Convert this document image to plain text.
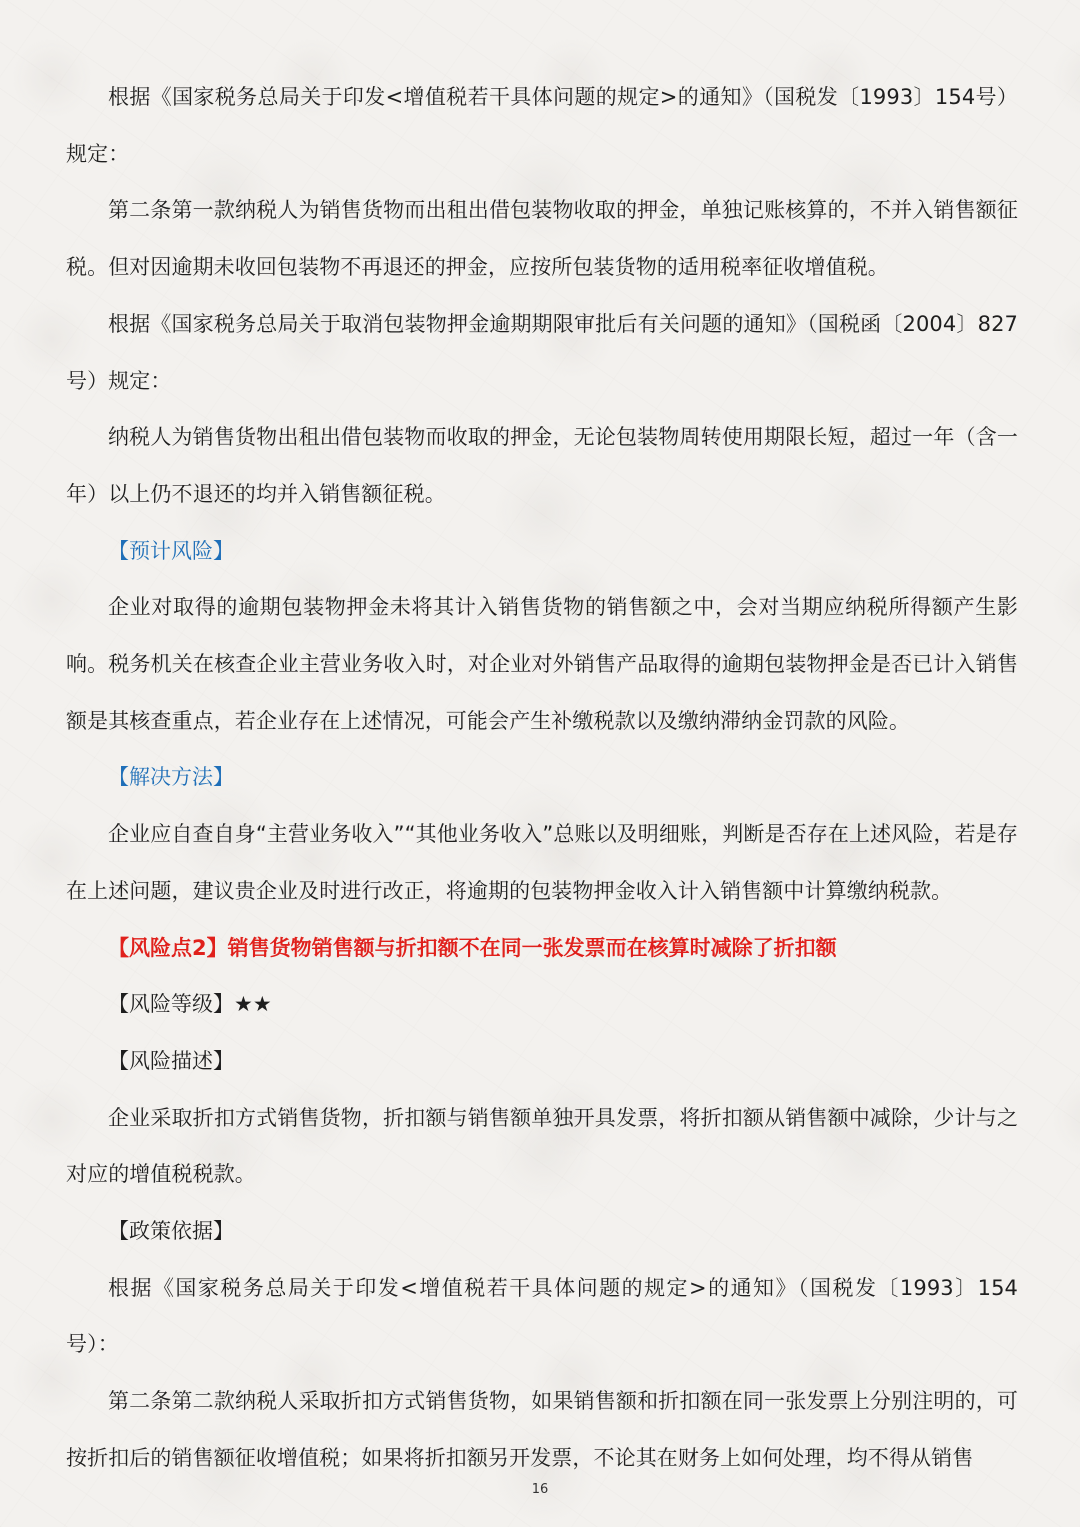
根据《国家税务总局关于印发<增值税若干具体问题的规定>的通知》（国税发〔1993〕154号）规定：

第二条第一款纳税人为销售货物而出租出借包装物收取的押金，单独记账核算的，不并入销售额征税。但对因逾期未收回包装物不再退还的押金，应按所包装货物的适用税率征收增值税。

根据《国家税务总局关于取消包装物押金逾期期限审批后有关问题的通知》（国税函〔2004〕827号）规定：

纳税人为销售货物出租出借包装物而收取的押金，无论包装物周转使用期限长短，超过一年（含一年）以上仍不退还的均并入销售额征税。

【预计风险】

企业对取得的逾期包装物押金未将其计入销售货物的销售额之中，会对当期应纳税所得额产生影响。税务机关在核查企业主营业务收入时，对企业对外销售产品取得的逾期包装物押金是否已计入销售额是其核查重点，若企业存在上述情况，可能会产生补缴税款以及缴纳滞纳金罚款的风险。

【解决方法】

企业应自查自身“主营业务收入”“其他业务收入”总账以及明细账，判断是否存在上述风险，若是存在上述问题，建议贵企业及时进行改正，将逾期的包装物押金收入计入销售额中计算缴纳税款。

【风险点2】销售货物销售额与折扣额不在同一张发票而在核算时减除了折扣额

【风险等级】★★

【风险描述】

企业采取折扣方式销售货物，折扣额与销售额单独开具发票，将折扣额从销售额中减除，少计与之对应的增值税税款。

【政策依据】

根据《国家税务总局关于印发<增值税若干具体问题的规定>的通知》（国税发〔1993〕154号）：

第二条第二款纳税人采取折扣方式销售货物，如果销售额和折扣额在同一张发票上分别注明的，可按折扣后的销售额征收增值税；如果将折扣额另开发票，不论其在财务上如何处理，均不得从销售

16
